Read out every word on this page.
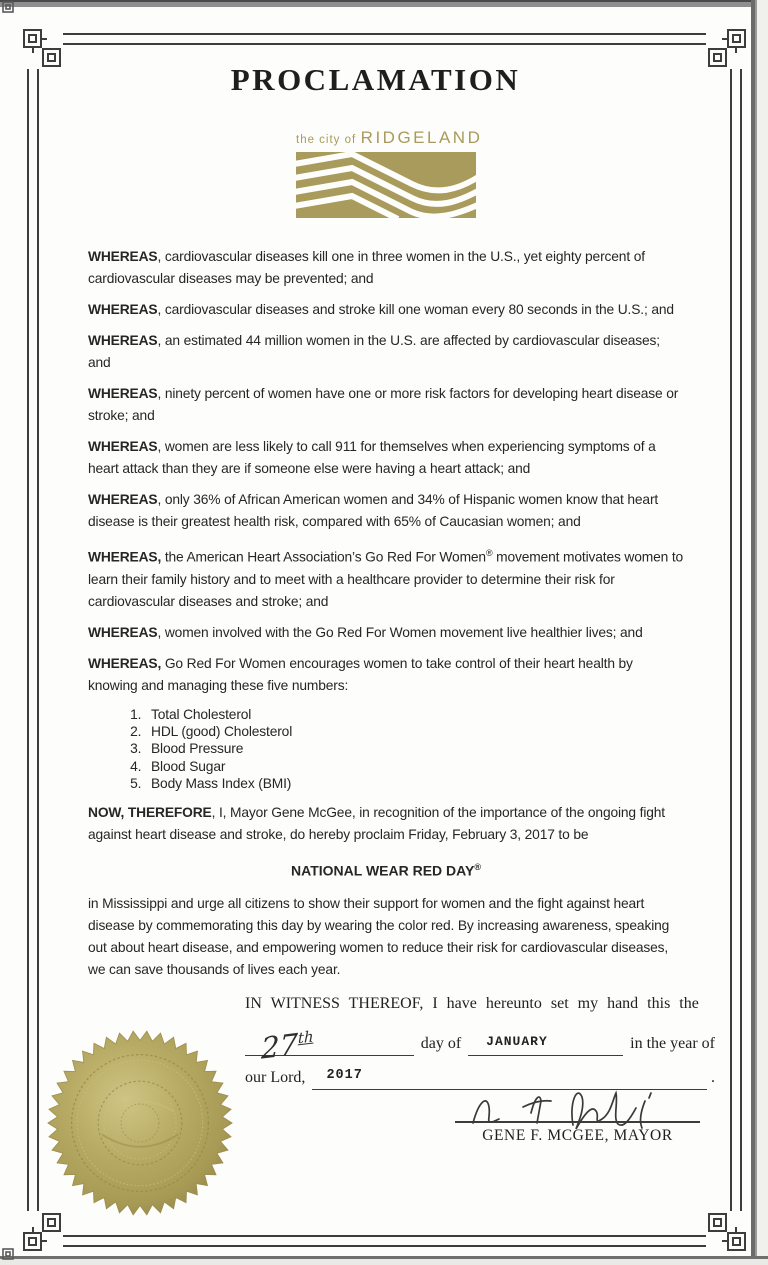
PROCLAMATION
the city of RIDGELAND

WHEREAS, cardiovascular diseases kill one in three women in the U.S., yet eighty percent of cardiovascular diseases may be prevented; and

WHEREAS, cardiovascular diseases and stroke kill one woman every 80 seconds in the U.S.; and

WHEREAS, an estimated 44 million women in the U.S. are affected by cardiovascular diseases; and

WHEREAS, ninety percent of women have one or more risk factors for developing heart disease or stroke; and

WHEREAS, women are less likely to call 911 for themselves when experiencing symptoms of a heart attack than they are if someone else were having a heart attack; and

WHEREAS, only 36% of African American women and 34% of Hispanic women know that heart disease is their greatest health risk, compared with 65% of Caucasian women; and

WHEREAS, the American Heart Association’s Go Red For Women® movement motivates women to learn their family history and to meet with a healthcare provider to determine their risk for cardiovascular diseases and stroke; and

WHEREAS, women involved with the Go Red For Women movement live healthier lives; and

WHEREAS, Go Red For Women encourages women to take control of their heart health by knowing and managing these five numbers:

1. Total Cholesterol
2. HDL (good) Cholesterol
3. Blood Pressure
4. Blood Sugar
5. Body Mass Index (BMI)

NOW, THEREFORE, I, Mayor Gene McGee, in recognition of the importance of the ongoing fight against heart disease and stroke, do hereby proclaim Friday, February 3, 2017 to be

NATIONAL WEAR RED DAY®

in Mississippi and urge all citizens to show their support for women and the fight against heart disease by commemorating this day by wearing the color red. By increasing awareness, speaking out about heart disease, and empowering women to reduce their risk for cardiovascular diseases, we can save thousands of lives each year.

IN WITNESS THEREOF, I have hereunto set my hand this the
27th	day of	JANUARY	in the year of
our Lord,	2017	.
GENE F. MCGEE, MAYOR
